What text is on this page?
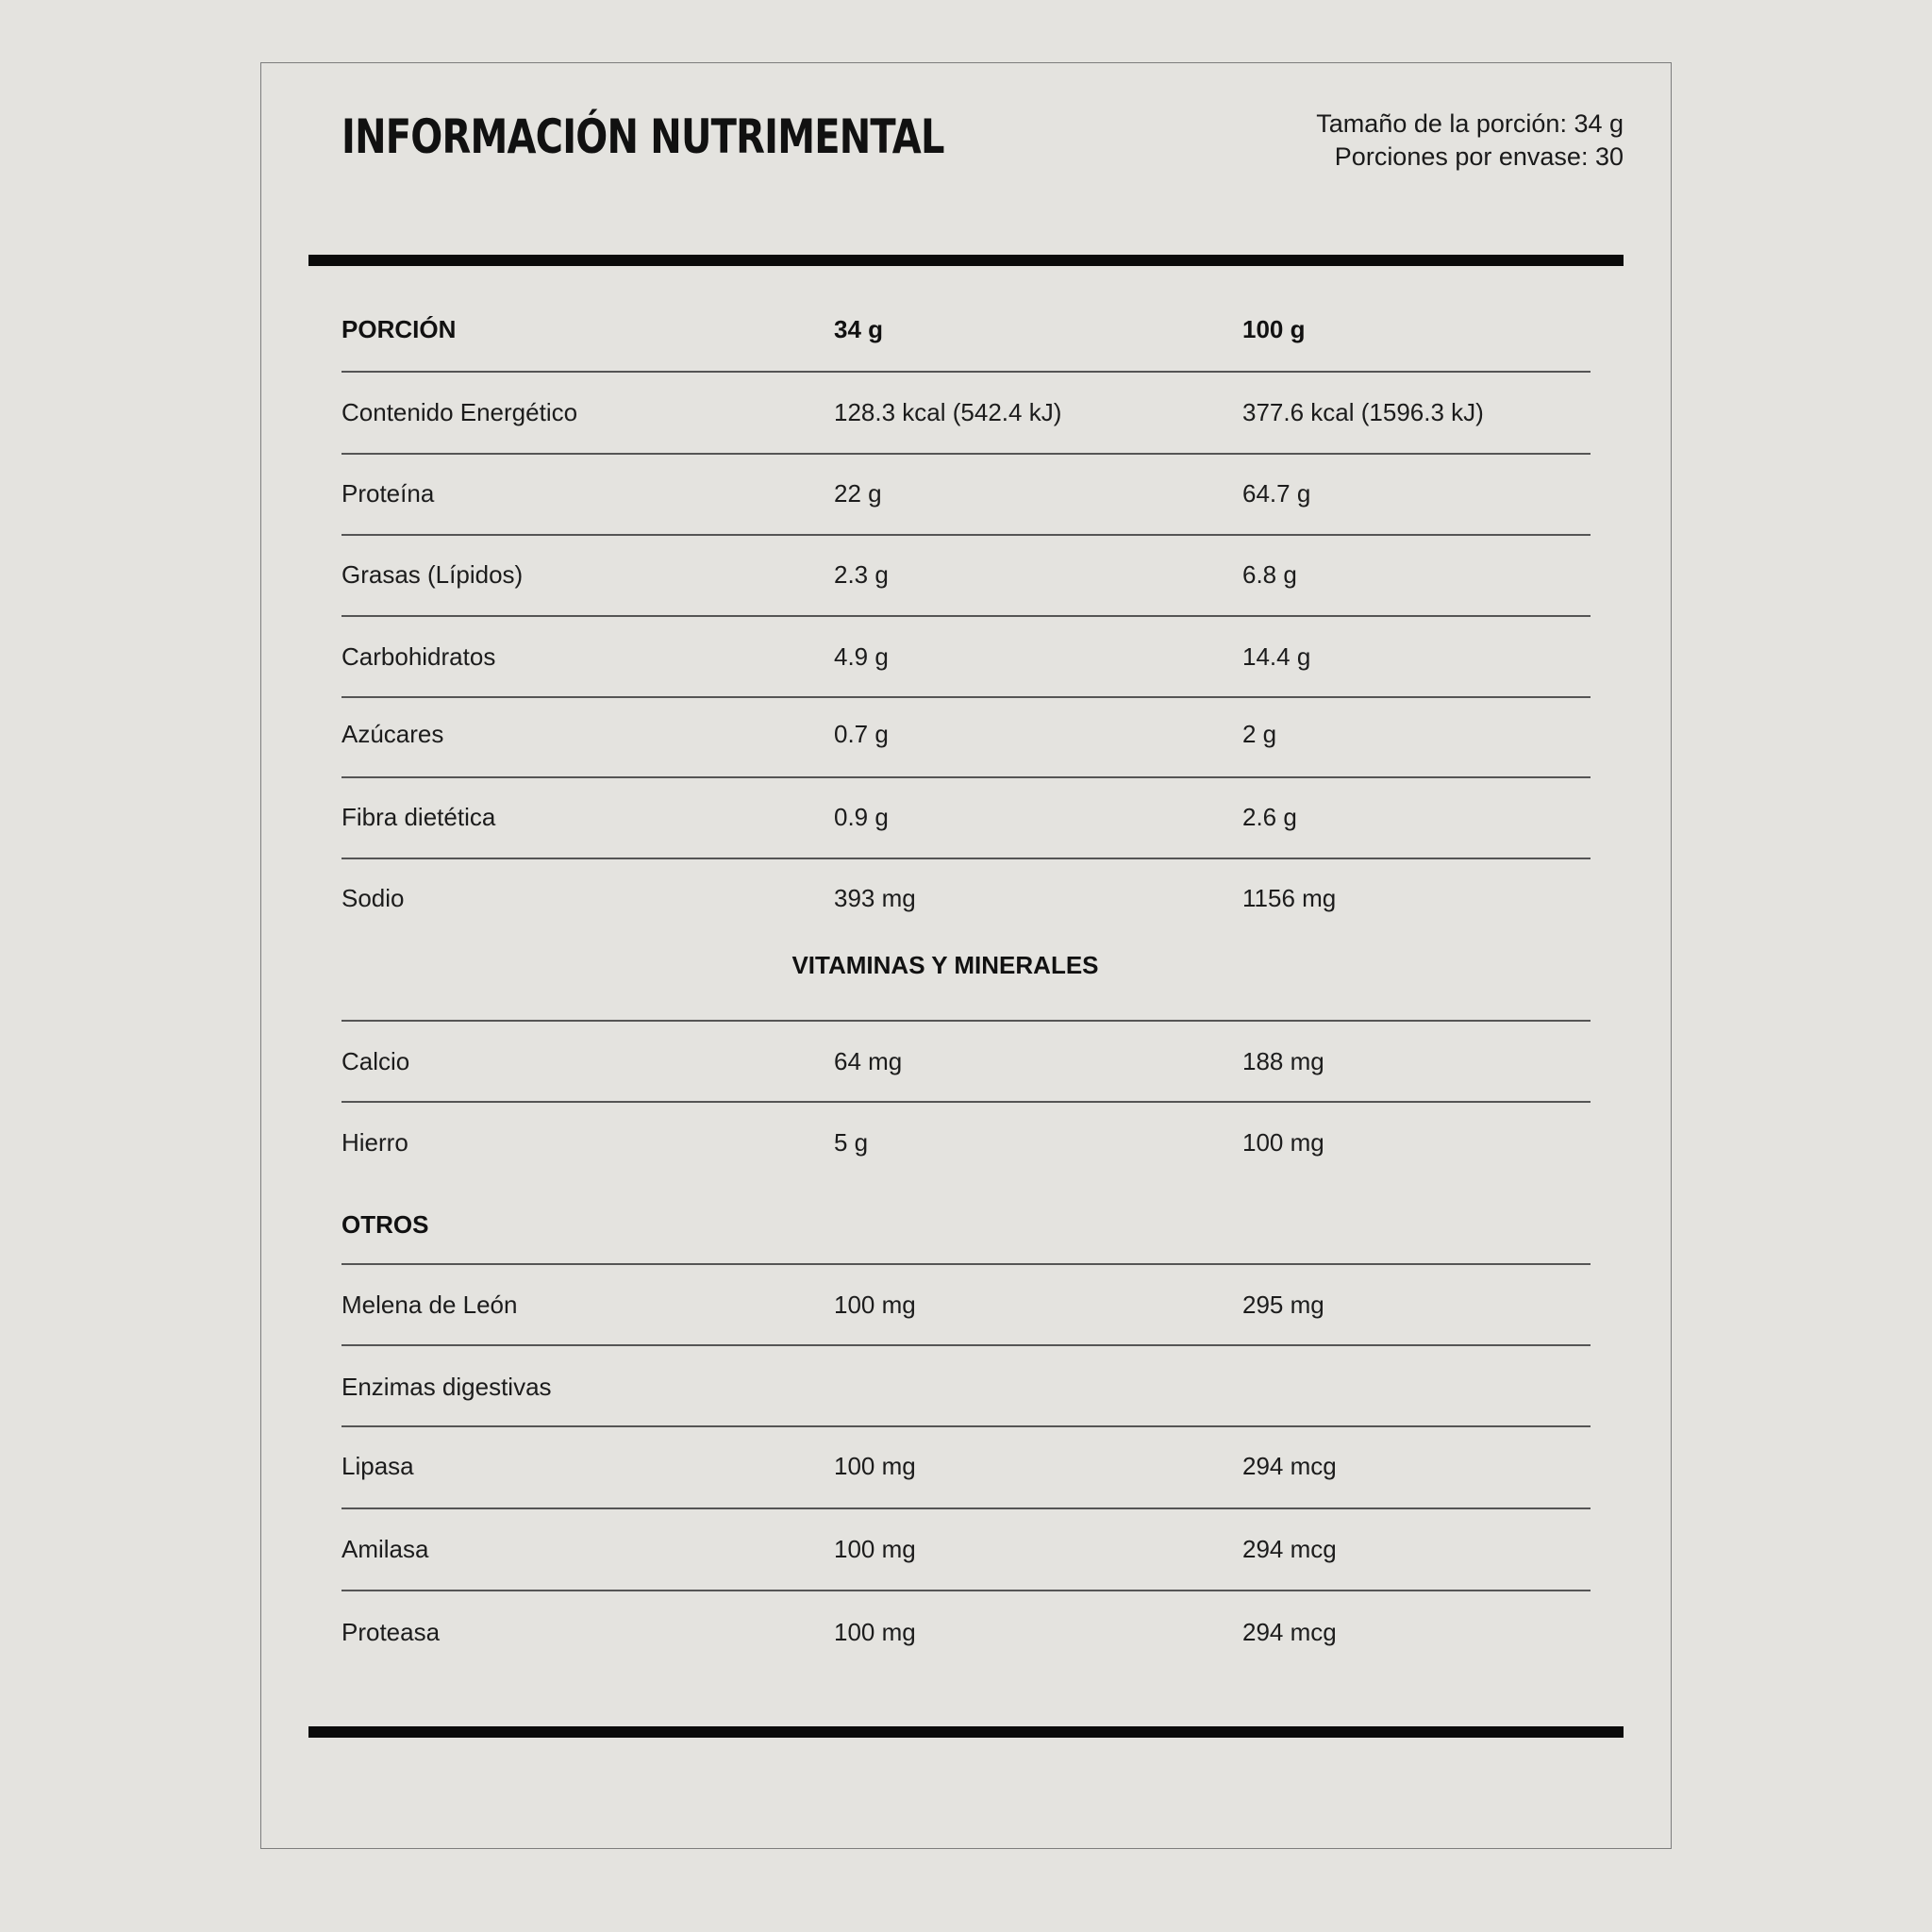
INFORMACIÓN NUTRIMENTAL	Tamaño de la porción: 34 g
Porciones por envase: 30
PORCIÓN	34 g	100 g
Contenido Energético	128.3 kcal (542.4 kJ)	377.6 kcal (1596.3 kJ)
Proteína	22 g	64.7 g
Grasas (Lípidos)	2.3 g	6.8 g
Carbohidratos	4.9 g	14.4 g
Azúcares	0.7 g	2 g
Fibra dietética	0.9 g	2.6 g
Sodio	393 mg	1156 mg
VITAMINAS Y MINERALES
Calcio	64 mg	188 mg
Hierro	5 g	100 mg
OTROS
Melena de León	100 mg	295 mg
Enzimas digestivas
Lipasa	100 mg	294 mcg
Amilasa	100 mg	294 mcg
Proteasa	100 mg	294 mcg
